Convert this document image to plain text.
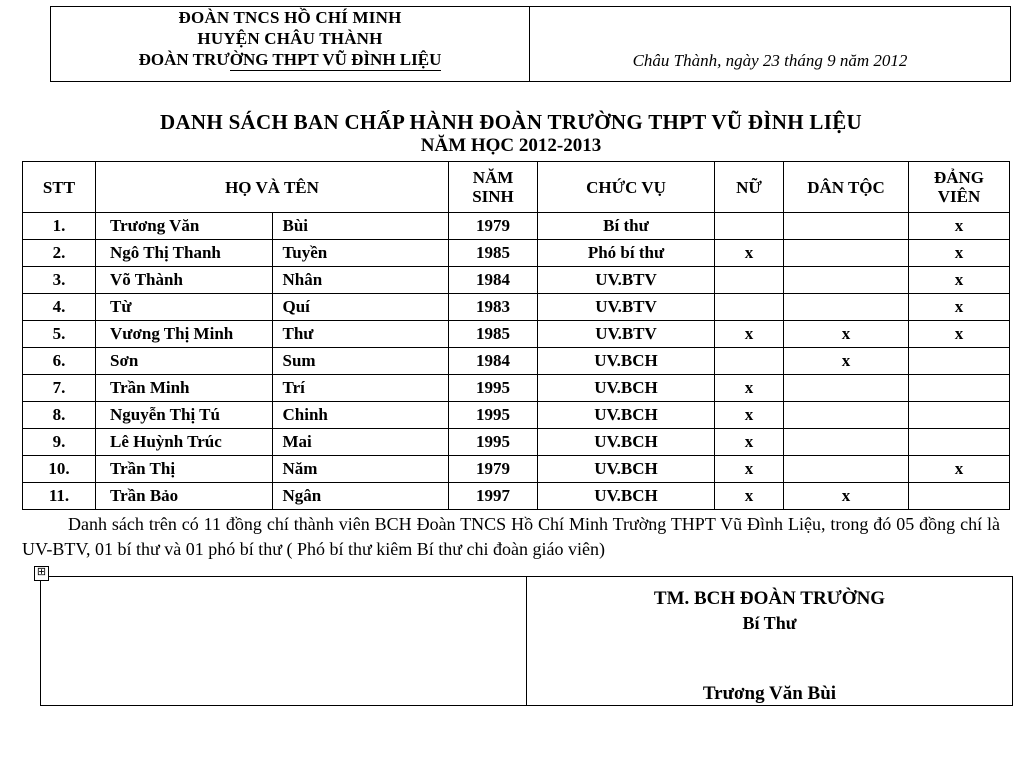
ĐOÀN TNCS HỒ CHÍ MINH
HUYỆN CHÂU THÀNH
ĐOÀN TRƯỜNG THPT VŨ ĐÌNH LIỆU	Châu Thành, ngày 23 tháng 9 năm 2012
DANH SÁCH BAN CHẤP HÀNH ĐOÀN TRƯỜNG THPT VŨ ĐÌNH LIỆU
NĂM HỌC 2012-2013
STT	HỌ VÀ TÊN		NĂM SINH	CHỨC VỤ	NỮ	DÂN TỘC	ĐẢNG VIÊN
1.	Trương Văn	Bùi	1979	Bí thư			x
2.	Ngô Thị Thanh	Tuyền	1985	Phó bí thư	x		x
3.	Võ Thành	Nhân	1984	UV.BTV			x
4.	Từ	Quí	1983	UV.BTV			x
5.	Vương Thị Minh	Thư	1985	UV.BTV	x	x	x
6.	Sơn	Sum	1984	UV.BCH		x	
7.	Trần Minh	Trí	1995	UV.BCH	x		
8.	Nguyễn Thị Tú	Chinh	1995	UV.BCH	x		
9.	Lê Huỳnh Trúc	Mai	1995	UV.BCH	x		
10.	Trần Thị	Năm	1979	UV.BCH	x		x
11.	Trần Bảo	Ngân	1997	UV.BCH	x	x	

Danh sách trên có 11 đồng chí thành viên BCH Đoàn TNCS Hồ Chí Minh Trường THPT Vũ Đình Liệu, trong đó 05 đồng chí là UV-BTV, 01 bí thư và 01 phó bí thư ( Phó bí thư kiêm Bí thư chi đoàn giáo viên)

⊞

TM. BCH ĐOÀN TRƯỜNG
Bí Thư
Trương Văn Bùi
